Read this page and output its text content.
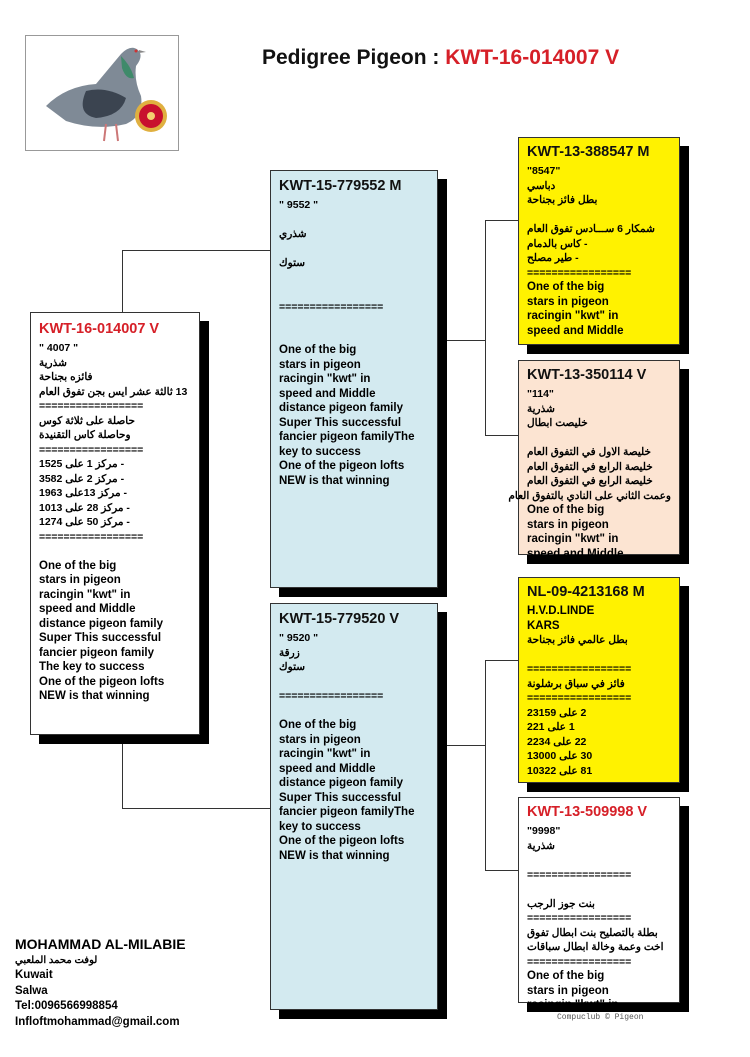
Pedigree Pigeon : KWT-16-014007 V
KWT-16-014007 V
" 4007 "
شذرية
فائزه بجناحة
13 ثالثة عشر ايس بجن تفوق العام
=================
حاصلة على ثلاثة كوس
وحاصلة كاس التقنيدة
=================
- مركز 1 على 1525
- مركز 2 على 3582
- مركز 13على 1963
- مركز 28 على 1013
- مركز 50 على 1274
=================
One of the big
stars in pigeon
racingin "kwt" in
speed and Middle
distance pigeon family
Super This successful
fancier pigeon family
The key to success
One of the pigeon lofts
NEW is that winning
KWT-15-779552 M
" 9552 "
شذري
ستوك
=================
One of the big
stars in pigeon
racingin "kwt" in
speed and Middle
distance pigeon family
Super This successful
fancier pigeon familyThe
key to success
One of the pigeon lofts
NEW is that winning
KWT-15-779520 V
" 9520 "
زرقة
ستوك
=================
One of the big
stars in pigeon
racingin "kwt" in
speed and Middle
distance pigeon family
Super This successful
fancier pigeon familyThe
key to success
One of the pigeon lofts
NEW is that winning
KWT-13-388547 M
"8547"
دباسي
بطل فائز بجناحة
شمكار 6 ســـادس تفوق العام
- كاس بالدمام
- طير مصلح
=================
One of the big
stars in pigeon
racingin "kwt" in
speed and Middle
KWT-13-350114 V
"114"
شذرية
خليصت ابطال
خليصة الاول في التفوق العام
خليصة الرابع في التفوق العام
خليصة الرابع في التفوق العام
وعمت الثاني على النادي بالتفوق العام
One of the big
stars in pigeon
racingin "kwt" in
speed and Middle
NL-09-4213168 M
H.V.D.LINDE
KARS
بطل عالمي فائز بجناحة
=================
فائز في سباق برشلونة
=================
2 على 23159
1 على 221
22 على 2234
30 على 13000
81 على 10322
KWT-13-509998 V
"9998"
شذرية
=================
بنت جوز الرجب
=================
بطلة بالتصليح بنت ابطال تفوق
اخت وعمة وخالة ابطال سباقات
=================
One of the big
stars in pigeon
racingin "kwt" in
MOHAMMAD AL-MILABIE
لوفت محمد الملعبي
Kuwait
Salwa
Tel:0096566998854
Infloftmohammad@gmail.com	Compuclub © Pigeon
